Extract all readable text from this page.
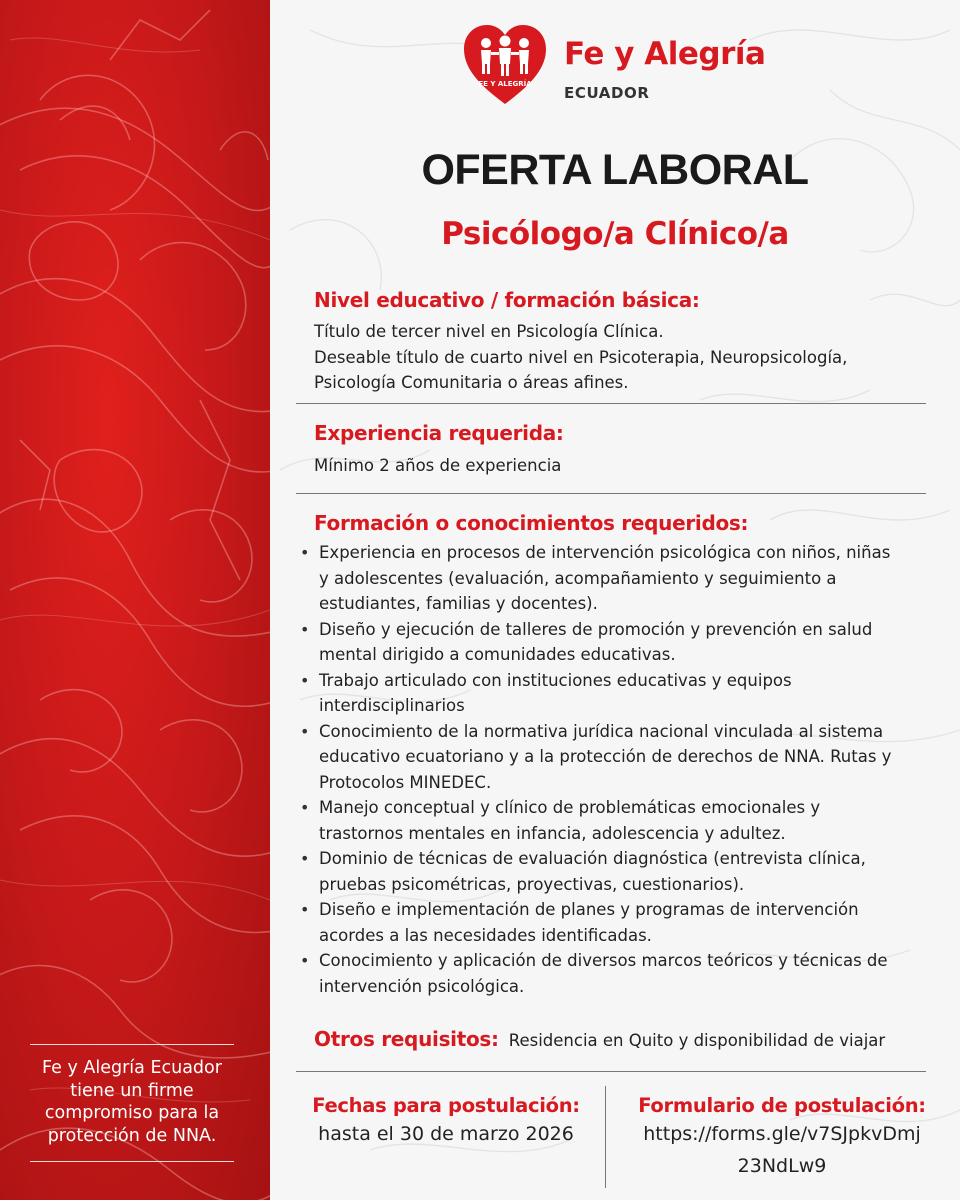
Fe y Alegría Ecuador
tiene un firme
compromiso para la
protección de NNA.
FE Y ALEGRÍA
Fe y Alegría
ECUADOR
OFERTA LABORAL
Psicólogo/a Clínico/a
Nivel educativo / formación básica:
Título de tercer nivel en Psicología Clínica.
Deseable título de cuarto nivel en Psicoterapia, Neuropsicología,
Psicología Comunitaria o áreas afines.
Experiencia requerida:
Mínimo 2 años de experiencia
Formación o conocimientos requeridos:
• Experiencia en procesos de intervención psicológica con niños, niñas
y adolescentes (evaluación, acompañamiento y seguimiento a
estudiantes, familias y docentes).
• Diseño y ejecución de talleres de promoción y prevención en salud
mental dirigido a comunidades educativas.
• Trabajo articulado con instituciones educativas y equipos
interdisciplinarios
• Conocimiento de la normativa jurídica nacional vinculada al sistema
educativo ecuatoriano y a la protección de derechos de NNA. Rutas y
Protocolos MINEDEC.
• Manejo conceptual y clínico de problemáticas emocionales y
trastornos mentales en infancia, adolescencia y adultez.
• Dominio de técnicas de evaluación diagnóstica (entrevista clínica,
pruebas psicométricas, proyectivas, cuestionarios).
• Diseño e implementación de planes y programas de intervención
acordes a las necesidades identificadas.
• Conocimiento y aplicación de diversos marcos teóricos y técnicas de
intervención psicológica.
Otros requisitos: Residencia en Quito y disponibilidad de viajar
Fechas para postulación:
hasta el 30 de marzo 2026
Formulario de postulación:
https://forms.gle/v7SJpkvDmj
23NdLw9
